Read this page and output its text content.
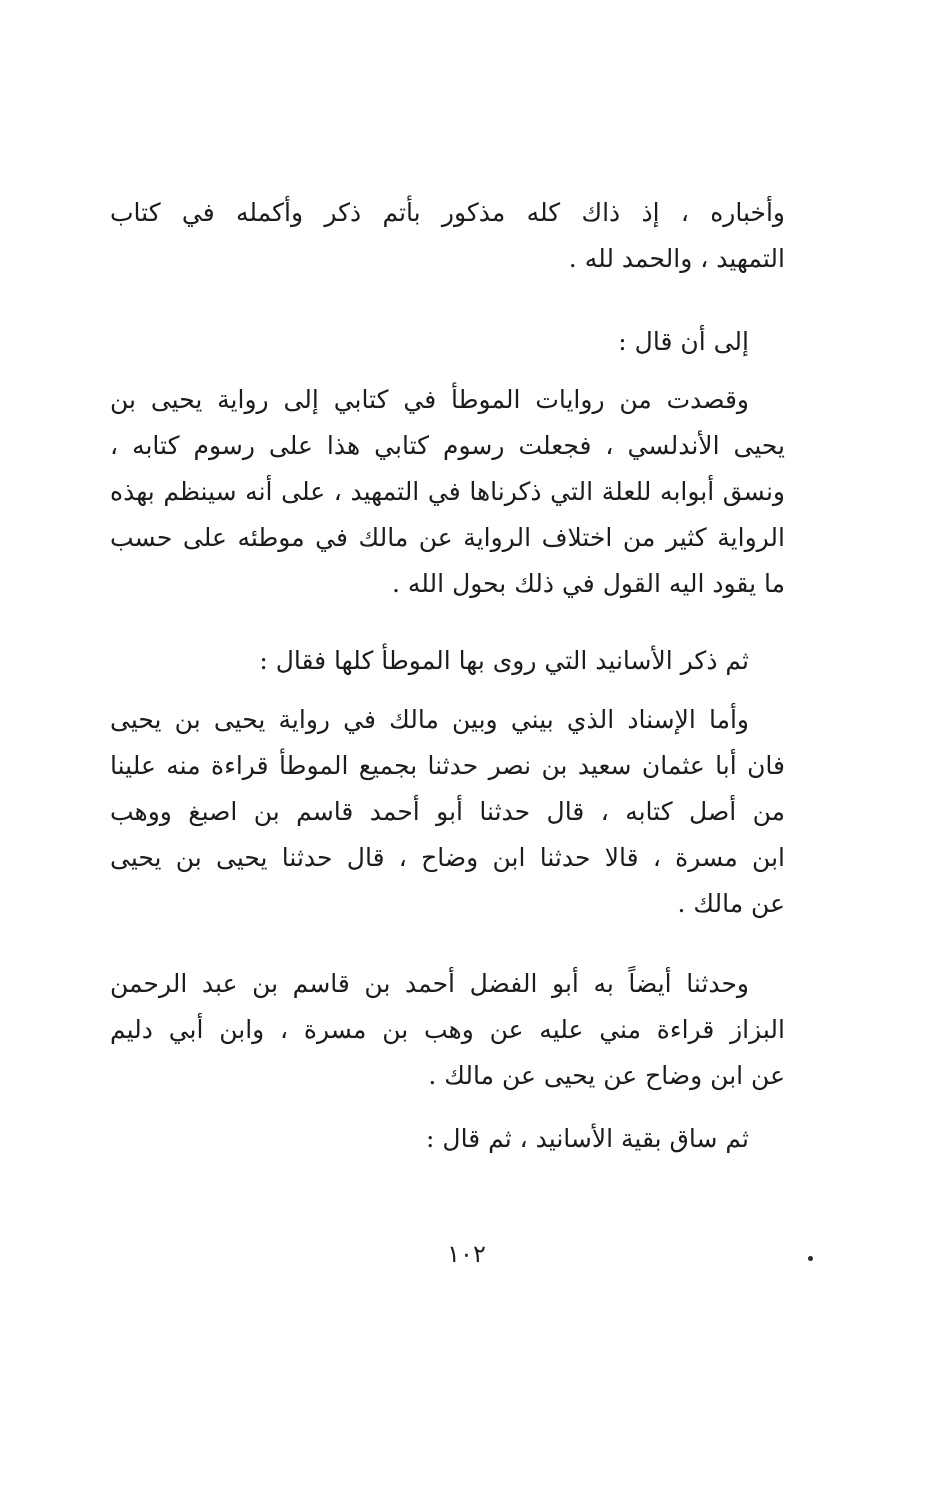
وأخباره ، إذ ذاك كله مذكور بأتم ذكر وأكمله في كتاب
التمهيد ، والحمد لله .
إلى أن قال :
وقصدت من روايات الموطأ في كتابي إلى رواية يحيى بن
يحيى الأندلسي ، فجعلت رسوم كتابي هذا على رسوم كتابه ،
ونسق أبوابه للعلة التي ذكرناها في التمهيد ، على أنه سينظم بهذه
الرواية كثير من اختلاف الرواية عن مالك في موطئه على حسب
ما يقود اليه القول في ذلك بحول الله .
ثم ذكر الأسانيد التي روى بها الموطأ كلها فقال :
وأما الإسناد الذي بيني وبين مالك في رواية يحيى بن يحيى
فان أبا عثمان سعيد بن نصر حدثنا بجميع الموطأ قراءة منه علينا
من أصل كتابه ، قال حدثنا أبو أحمد قاسم بن اصبغ ووهب
ابن مسرة ، قالا حدثنا ابن وضاح ، قال حدثنا يحيى بن يحيى
عن مالك .
وحدثنا أيضاً به أبو الفضل أحمد بن قاسم بن عبد الرحمن
البزاز قراءة مني عليه عن وهب بن مسرة ، وابن أبي دليم
عن ابن وضاح عن يحيى عن مالك .
ثم ساق بقية الأسانيد ، ثم قال :
١٠٢
